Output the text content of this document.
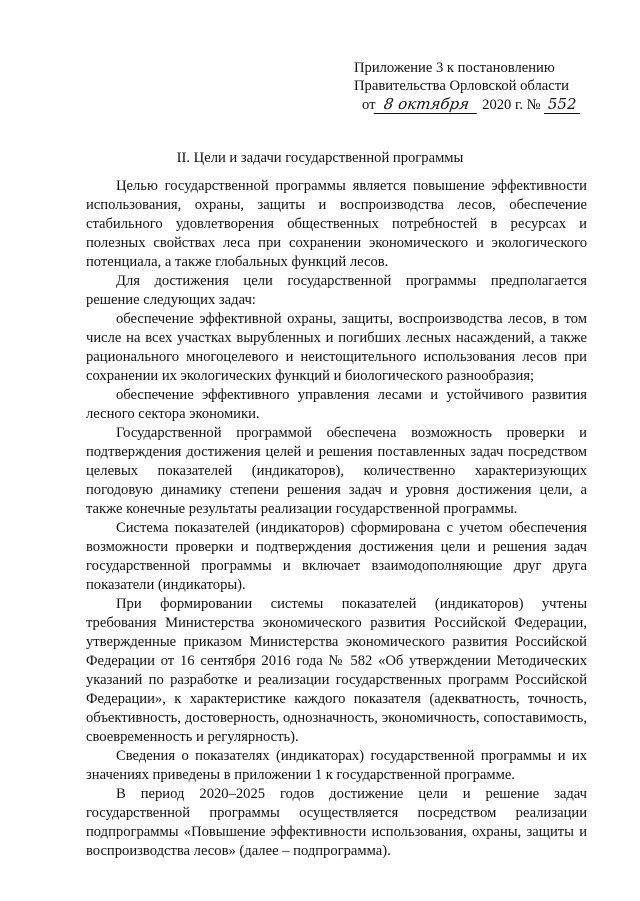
Приложение 3 к постановлению
Правительства Орловской области
от 8 октября 2020 г. № 552
II. Цели и задачи государственной программы

Целью государственной программы является повышение эффективности использования, охраны, защиты и воспроизводства лесов, обеспечение стабильного удовлетворения общественных потребностей в ресурсах и полезных свойствах леса при сохранении экономического и экологического потенциала, а также глобальных функций лесов.

Для достижения цели государственной программы предполагается решение следующих задач:

обеспечение эффективной охраны, защиты, воспроизводства лесов, в том числе на всех участках вырубленных и погибших лесных насаждений, а также рационального многоцелевого и неистощительного использования лесов при сохранении их экологических функций и биологического разнообразия;

обеспечение эффективного управления лесами и устойчивого развития лесного сектора экономики.

Государственной программой обеспечена возможность проверки и подтверждения достижения целей и решения поставленных задач посредством целевых показателей (индикаторов), количественно характеризующих погодовую динамику степени решения задач и уровня достижения цели, а также конечные результаты реализации государственной программы.

Система показателей (индикаторов) сформирована с учетом обеспечения возможности проверки и подтверждения достижения цели и решения задач государственной программы и включает взаимодополняющие друг друга показатели (индикаторы).

При формировании системы показателей (индикаторов) учтены требования Министерства экономического развития Российской Федерации, утвержденные приказом Министерства экономического развития Российской Федерации от 16 сентября 2016 года № 582 «Об утверждении Методических указаний по разработке и реализации государственных программ Российской Федерации», к характеристике каждого показателя (адекватность, точность, объективность, достоверность, однозначность, экономичность, сопоставимость, своевременность и регулярность).

Сведения о показателях (индикаторах) государственной программы и их значениях приведены в приложении 1 к государственной программе.

В период 2020–2025 годов достижение цели и решение задач государственной программы осуществляется посредством реализации подпрограммы «Повышение эффективности использования, охраны, защиты и воспроизводства лесов» (далее – подпрограмма).
